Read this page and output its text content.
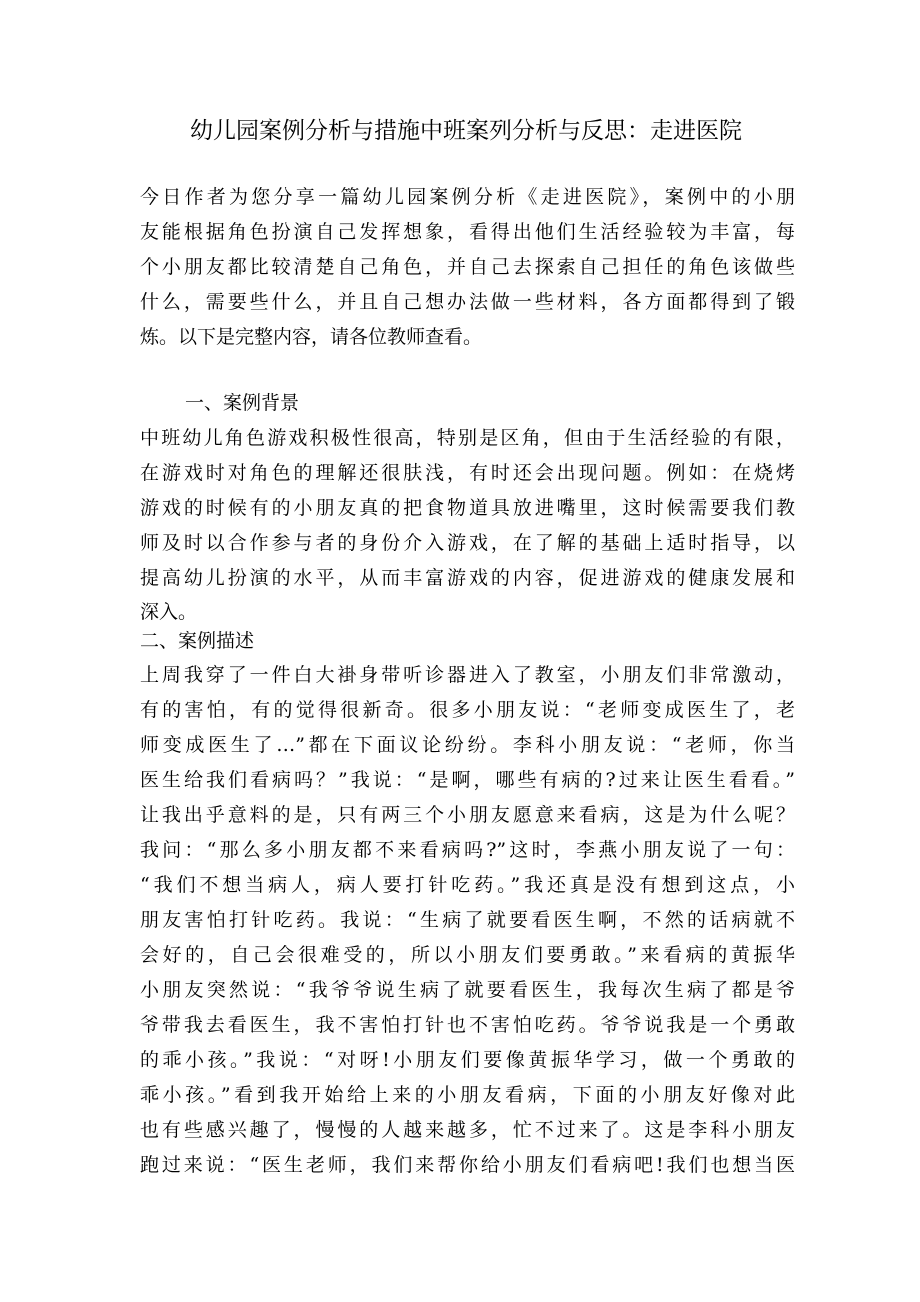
幼儿园案例分析与措施中班案列分析与反思：走进医院
今日作者为您分享一篇幼儿园案例分析《走进医院》，案例中的小朋
友能根据角色扮演自己发挥想象，看得出他们生活经验较为丰富，每
个小朋友都比较清楚自己角色，并自己去探索自己担任的角色该做些
什么，需要些什么，并且自己想办法做一些材料，各方面都得到了锻
炼。以下是完整内容，请各位教师查看。
一、案例背景
中班幼儿角色游戏积极性很高，特别是区角，但由于生活经验的有限，
在游戏时对角色的理解还很肤浅，有时还会出现问题。例如：在烧烤
游戏的时候有的小朋友真的把食物道具放进嘴里，这时候需要我们教
师及时以合作参与者的身份介入游戏，在了解的基础上适时指导，以
提高幼儿扮演的水平，从而丰富游戏的内容，促进游戏的健康发展和
深入。
二、案例描述
上周我穿了一件白大褂身带听诊器进入了教室，小朋友们非常激动，
有的害怕，有的觉得很新奇。很多小朋友说：“老师变成医生了，老
师变成医生了…”都在下面议论纷纷。李科小朋友说：“老师，你当
医生给我们看病吗？”我说：“是啊，哪些有病的?过来让医生看看。”
让我出乎意料的是，只有两三个小朋友愿意来看病，这是为什么呢？
我问：“那么多小朋友都不来看病吗?”这时，李燕小朋友说了一句：
“我们不想当病人，病人要打针吃药。”我还真是没有想到这点，小
朋友害怕打针吃药。我说：“生病了就要看医生啊，不然的话病就不
会好的，自己会很难受的，所以小朋友们要勇敢。”来看病的黄振华
小朋友突然说：“我爷爷说生病了就要看医生，我每次生病了都是爷
爷带我去看医生，我不害怕打针也不害怕吃药。爷爷说我是一个勇敢
的乖小孩。”我说：“对呀!小朋友们要像黄振华学习，做一个勇敢的
乖小孩。”看到我开始给上来的小朋友看病，下面的小朋友好像对此
也有些感兴趣了，慢慢的人越来越多，忙不过来了。这是李科小朋友
跑过来说：“医生老师，我们来帮你给小朋友们看病吧!我们也想当医
